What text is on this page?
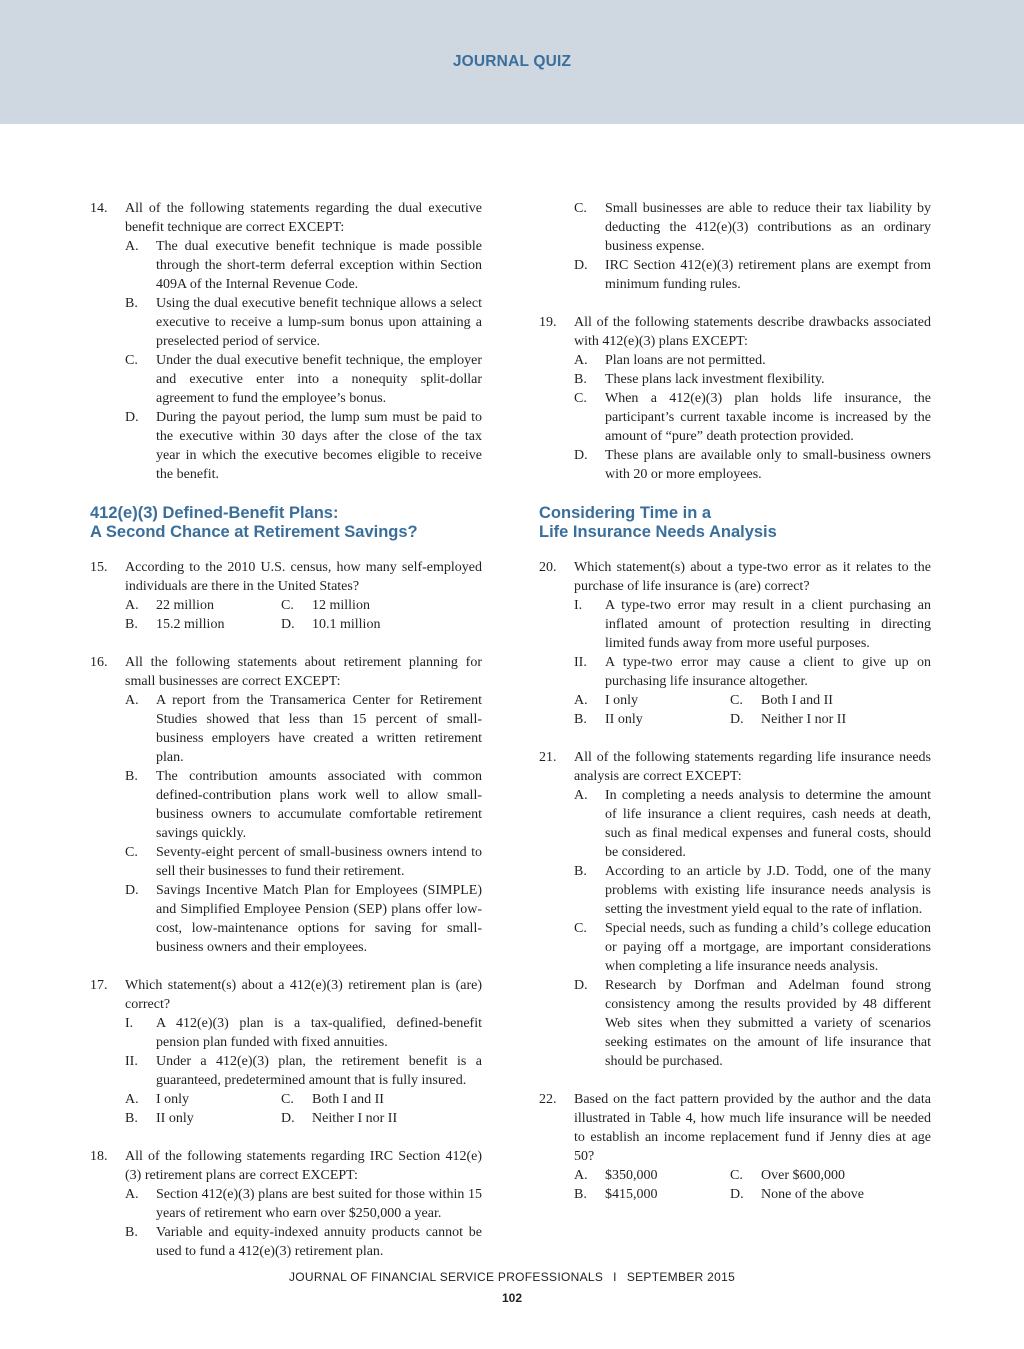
JOURNAL QUIZ
14. All of the following statements regarding the dual executive benefit technique are correct EXCEPT:
A. The dual executive benefit technique is made possible through the short-term deferral exception within Section 409A of the Internal Revenue Code.
B. Using the dual executive benefit technique allows a select executive to receive a lump-sum bonus upon attaining a preselected period of service.
C. Under the dual executive benefit technique, the employer and executive enter into a nonequity split-dollar agreement to fund the employee’s bonus.
D. During the payout period, the lump sum must be paid to the executive within 30 days after the close of the tax year in which the executive becomes eligible to receive the benefit.
412(e)(3) Defined-Benefit Plans:
A Second Chance at Retirement Savings?
15. According to the 2010 U.S. census, how many self-employed individuals are there in the United States?
A. 22 million	C. 12 million
B. 15.2 million	D. 10.1 million
16. All the following statements about retirement planning for small businesses are correct EXCEPT:
A. A report from the Transamerica Center for Retirement Studies showed that less than 15 percent of small-business employers have created a written retirement plan.
B. The contribution amounts associated with common defined-contribution plans work well to allow small-business owners to accumulate comfortable retirement savings quickly.
C. Seventy-eight percent of small-business owners intend to sell their businesses to fund their retirement.
D. Savings Incentive Match Plan for Employees (SIMPLE) and Simplified Employee Pension (SEP) plans offer low-cost, low-maintenance options for saving for small-business owners and their employees.
17. Which statement(s) about a 412(e)(3) retirement plan is (are) correct?
I. A 412(e)(3) plan is a tax-qualified, defined-benefit pension plan funded with fixed annuities.
II. Under a 412(e)(3) plan, the retirement benefit is a guaranteed, predetermined amount that is fully insured.
A. I only	C. Both I and II
B. II only	D. Neither I nor II
18. All of the following statements regarding IRC Section 412(e)(3) retirement plans are correct EXCEPT:
A. Section 412(e)(3) plans are best suited for those within 15 years of retirement who earn over $250,000 a year.
B. Variable and equity-indexed annuity products cannot be used to fund a 412(e)(3) retirement plan.
C. Small businesses are able to reduce their tax liability by deducting the 412(e)(3) contributions as an ordinary business expense.
D. IRC Section 412(e)(3) retirement plans are exempt from minimum funding rules.
19. All of the following statements describe drawbacks associated with 412(e)(3) plans EXCEPT:
A. Plan loans are not permitted.
B. These plans lack investment flexibility.
C. When a 412(e)(3) plan holds life insurance, the participant’s current taxable income is increased by the amount of “pure” death protection provided.
D. These plans are available only to small-business owners with 20 or more employees.
Considering Time in a
Life Insurance Needs Analysis
20. Which statement(s) about a type-two error as it relates to the purchase of life insurance is (are) correct?
I. A type-two error may result in a client purchasing an inflated amount of protection resulting in directing limited funds away from more useful purposes.
II. A type-two error may cause a client to give up on purchasing life insurance altogether.
A. I only	C. Both I and II
B. II only	D. Neither I nor II
21. All of the following statements regarding life insurance needs analysis are correct EXCEPT:
A. In completing a needs analysis to determine the amount of life insurance a client requires, cash needs at death, such as final medical expenses and funeral costs, should be considered.
B. According to an article by J.D. Todd, one of the many problems with existing life insurance needs analysis is setting the investment yield equal to the rate of inflation.
C. Special needs, such as funding a child’s college education or paying off a mortgage, are important considerations when completing a life insurance needs analysis.
D. Research by Dorfman and Adelman found strong consistency among the results provided by 48 different Web sites when they submitted a variety of scenarios seeking estimates on the amount of life insurance that should be purchased.
22. Based on the fact pattern provided by the author and the data illustrated in Table 4, how much life insurance will be needed to establish an income replacement fund if Jenny dies at age 50?
A. $350,000	C. Over $600,000
B. $415,000	D. None of the above
JOURNAL OF FINANCIAL SERVICE PROFESSIONALS I SEPTEMBER 2015
102
